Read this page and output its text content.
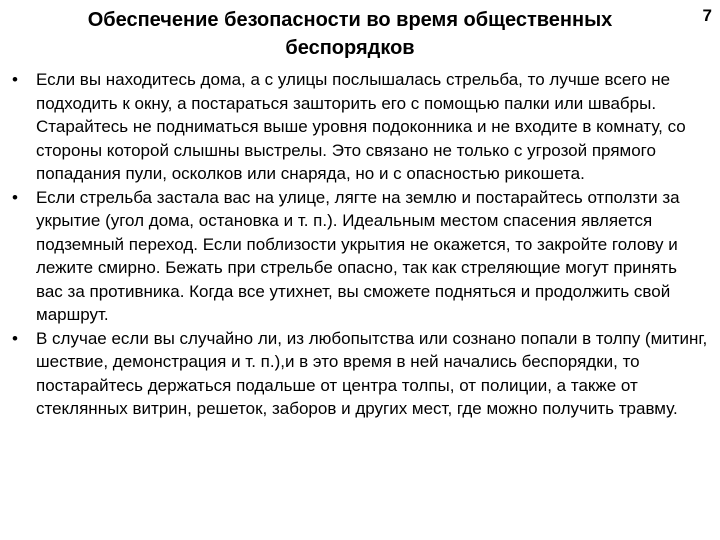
7
Обеспечение безопасности во время общественных
беспорядков
• Если вы находитесь дома, а с улицы послышалась стрельба, то лучше всего не подходить к окну, а постараться зашторить его с помощью палки или швабры. Старайтесь не подниматься выше уровня подоконника и не входите в комнату, со стороны которой слышны выстрелы. Это связано не только с угрозой прямого попадания пули, осколков или снаряда, но и с опасностью рикошета.
• Если стрельба застала вас на улице, лягте на землю и постарайтесь отползти за укрытие (угол дома, остановка и т. п.). Идеальным местом спасения является подземный переход. Если поблизости укрытия не окажется, то закройте голову и лежите смирно. Бежать при стрельбе опасно, так как стреляющие могут принять вас за противника. Когда все утихнет, вы сможете подняться и продолжить свой маршрут.
• В случае если вы случайно ли, из любопытства или сознано попали в толпу (митинг, шествие, демонстрация и т. п.),и в это время в ней начались беспорядки, то постарайтесь держаться подальше от центра толпы, от полиции, а также от стеклянных витрин, решеток, заборов и других мест, где можно получить травму.
